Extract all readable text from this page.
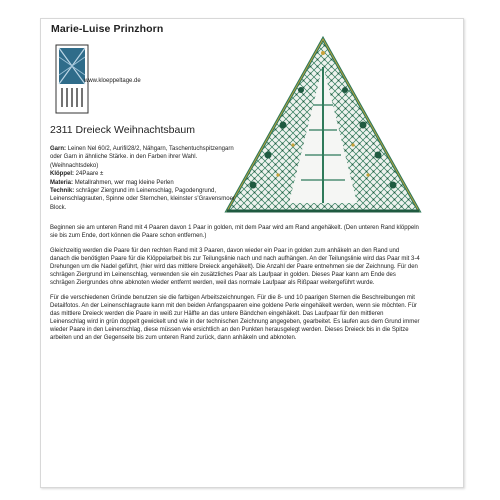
Marie-Luise Prinzhorn
www.kloeppeltage.de
2311 Dreieck Weihnachtsbaum

Garn: Leinen Nel 60/2, Aurifil28/2, Nähgarn, Taschentuchspitzengarn oder Garn in ähnliche Stärke. in den Farben ihrer Wahl. (Weihnachtsdeko)

Klöppel: 24Paare ±

Materia: Metallrahmen, wer mag kleine Perlen

Technik: schräger Ziergrund im Leinenschlag, Pagodengrund, Leinenschlagrauten, Spinne oder Sternchen, kleinster s'Gravensmoer Block.

Beginnen sie am unteren Rand mit 4 Paaren davon 1 Paar in golden, mit dem Paar wird am Rand angehäkelt. (Den unteren Rand klöppeln sie bis zum Ende, dort können die Paare schon entfernen.)

Gleichzeitig werden die Paare für den rechten Rand mit 3 Paaren, davon wieder ein Paar in golden zum anhäkeln an den Rand und danach die benötigten Paare für die Klöppelarbeit bis zur Teilungslinie nach und nach aufhängen. An der Teilungslinie wird das Paar mit 3-4 Drehungen um die Nadel geführt, (hier wird das mittlere Dreieck angehäkelt). Die Anzahl der Paare entnehmen sie der Zeichnung. Für den schrägen Ziergrund im Leinenschlag, verwenden sie ein zusätzliches Paar als Laufpaar in golden. Dieses Paar kann am Ende des schrägen Ziergrundes ohne abknoten wieder entfernt werden, weil das normale Laufpaar als Rißpaar weitergeführt wurde.

Für die verschiedenen Gründe benutzen sie die farbigen Arbeitszeichnungen. Für die 8- und 10 paarigen Sternen die Beschreibungen mit Detailfotos. An der Leinenschlagraute kann mit den beiden Anfangspaaren eine goldene Perle eingehäkelt werden, wenn sie möchten. Für das mittlere Dreieck werden die Paare in weiß zur Hälfte an das untere Bändchen eingehäkelt. Das Laufpaar für den mittleren Leinenschlag wird in grün doppelt gewickelt und wie in der technischen Zeichnung angegeben, gearbeitet. Es laufen aus dem Grund immer wieder Paare in den Leinenschlag, diese müssen wie ersichtlich an den Punkten herausgelegt werden. Dieses Dreieck bis in die Spitze arbeiten und an der Gegenseite bis zum unteren Rand zurück, dann anhäkeln und abknoten.
